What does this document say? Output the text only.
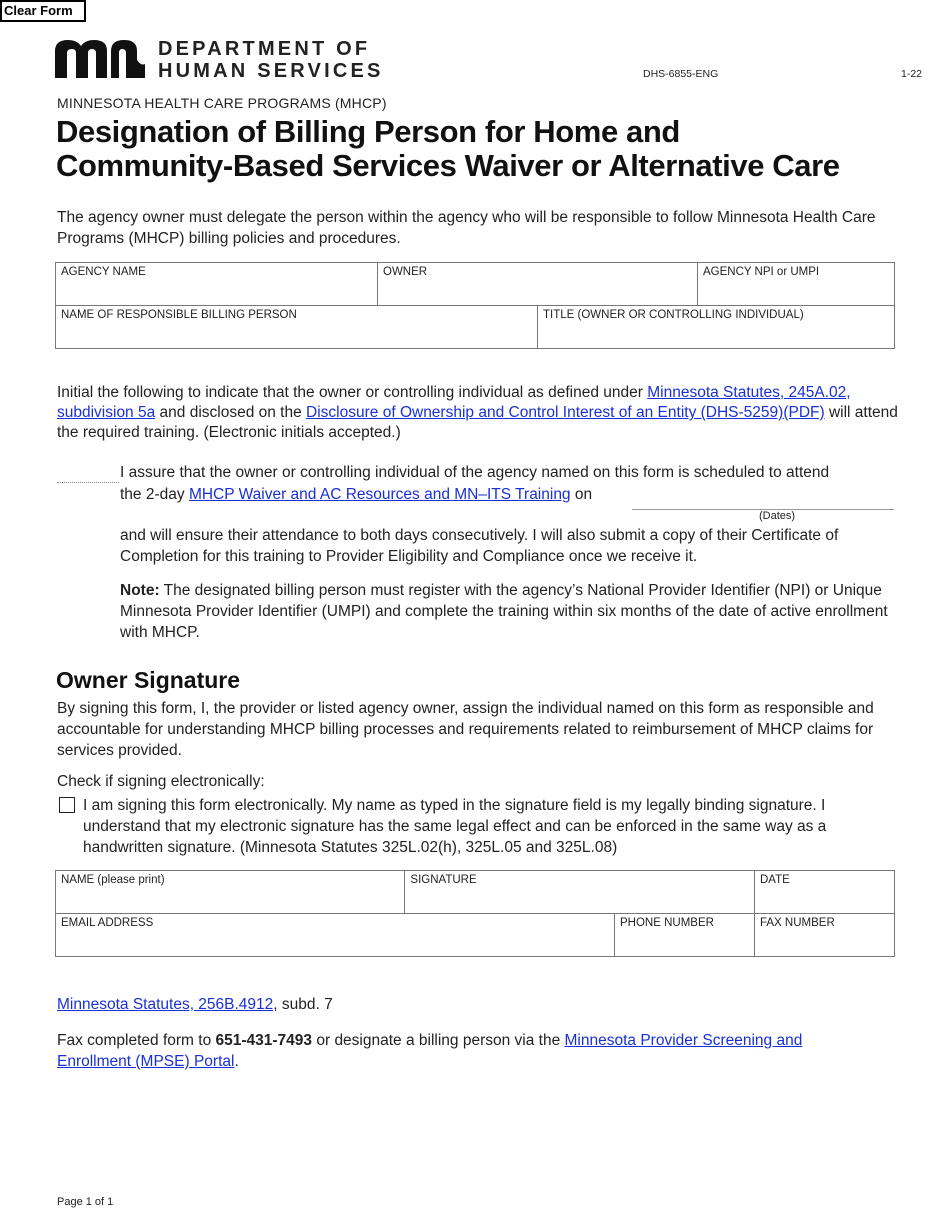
Clear Form
DEPARTMENT OF
HUMAN SERVICES	DHS-6855-ENG	1-22
MINNESOTA HEALTH CARE PROGRAMS (MHCP)
Designation of Billing Person for Home and
Community-Based Services Waiver or Alternative Care

The agency owner must delegate the person within the agency who will be responsible to follow Minnesota Health Care Programs (MHCP) billing policies and procedures.

AGENCY NAME	OWNER		AGENCY NPI or UMPI
NAME OF RESPONSIBLE BILLING PERSON		TITLE (OWNER OR CONTROLLING INDIVIDUAL)	

Initial the following to indicate that the owner or controlling individual as defined under Minnesota Statutes, 245A.02, subdivision 5a and disclosed on the Disclosure of Ownership and Control Interest of an Entity (DHS-5259)(PDF) will attend the required training. (Electronic initials accepted.)

I assure that the owner or controlling individual of the agency named on this form is scheduled to attend the 2-day MHCP Waiver and AC Resources and MN–ITS Training on

(Dates)

and will ensure their attendance to both days consecutively. I will also submit a copy of their Certificate of Completion for this training to Provider Eligibility and Compliance once we receive it.

Note: The designated billing person must register with the agency’s National Provider Identifier (NPI) or Unique Minnesota Provider Identifier (UMPI) and complete the training within six months of the date of active enrollment with MHCP.

Owner Signature

By signing this form, I, the provider or listed agency owner, assign the individual named on this form as responsible and accountable for understanding MHCP billing processes and requirements related to reimbursement of MHCP claims for services provided.

Check if signing electronically:

I am signing this form electronically. My name as typed in the signature field is my legally binding signature. I understand that my electronic signature has the same legal effect and can be enforced in the same way as a handwritten signature. (Minnesota Statutes 325L.02(h), 325L.05 and 325L.08)

NAME (please print)	SIGNATURE		DATE
EMAIL ADDRESS		PHONE NUMBER	FAX NUMBER

Minnesota Statutes, 256B.4912, subd. 7

Fax completed form to 651-431-7493 or designate a billing person via the Minnesota Provider Screening and Enrollment (MPSE) Portal.

Page 1 of 1
